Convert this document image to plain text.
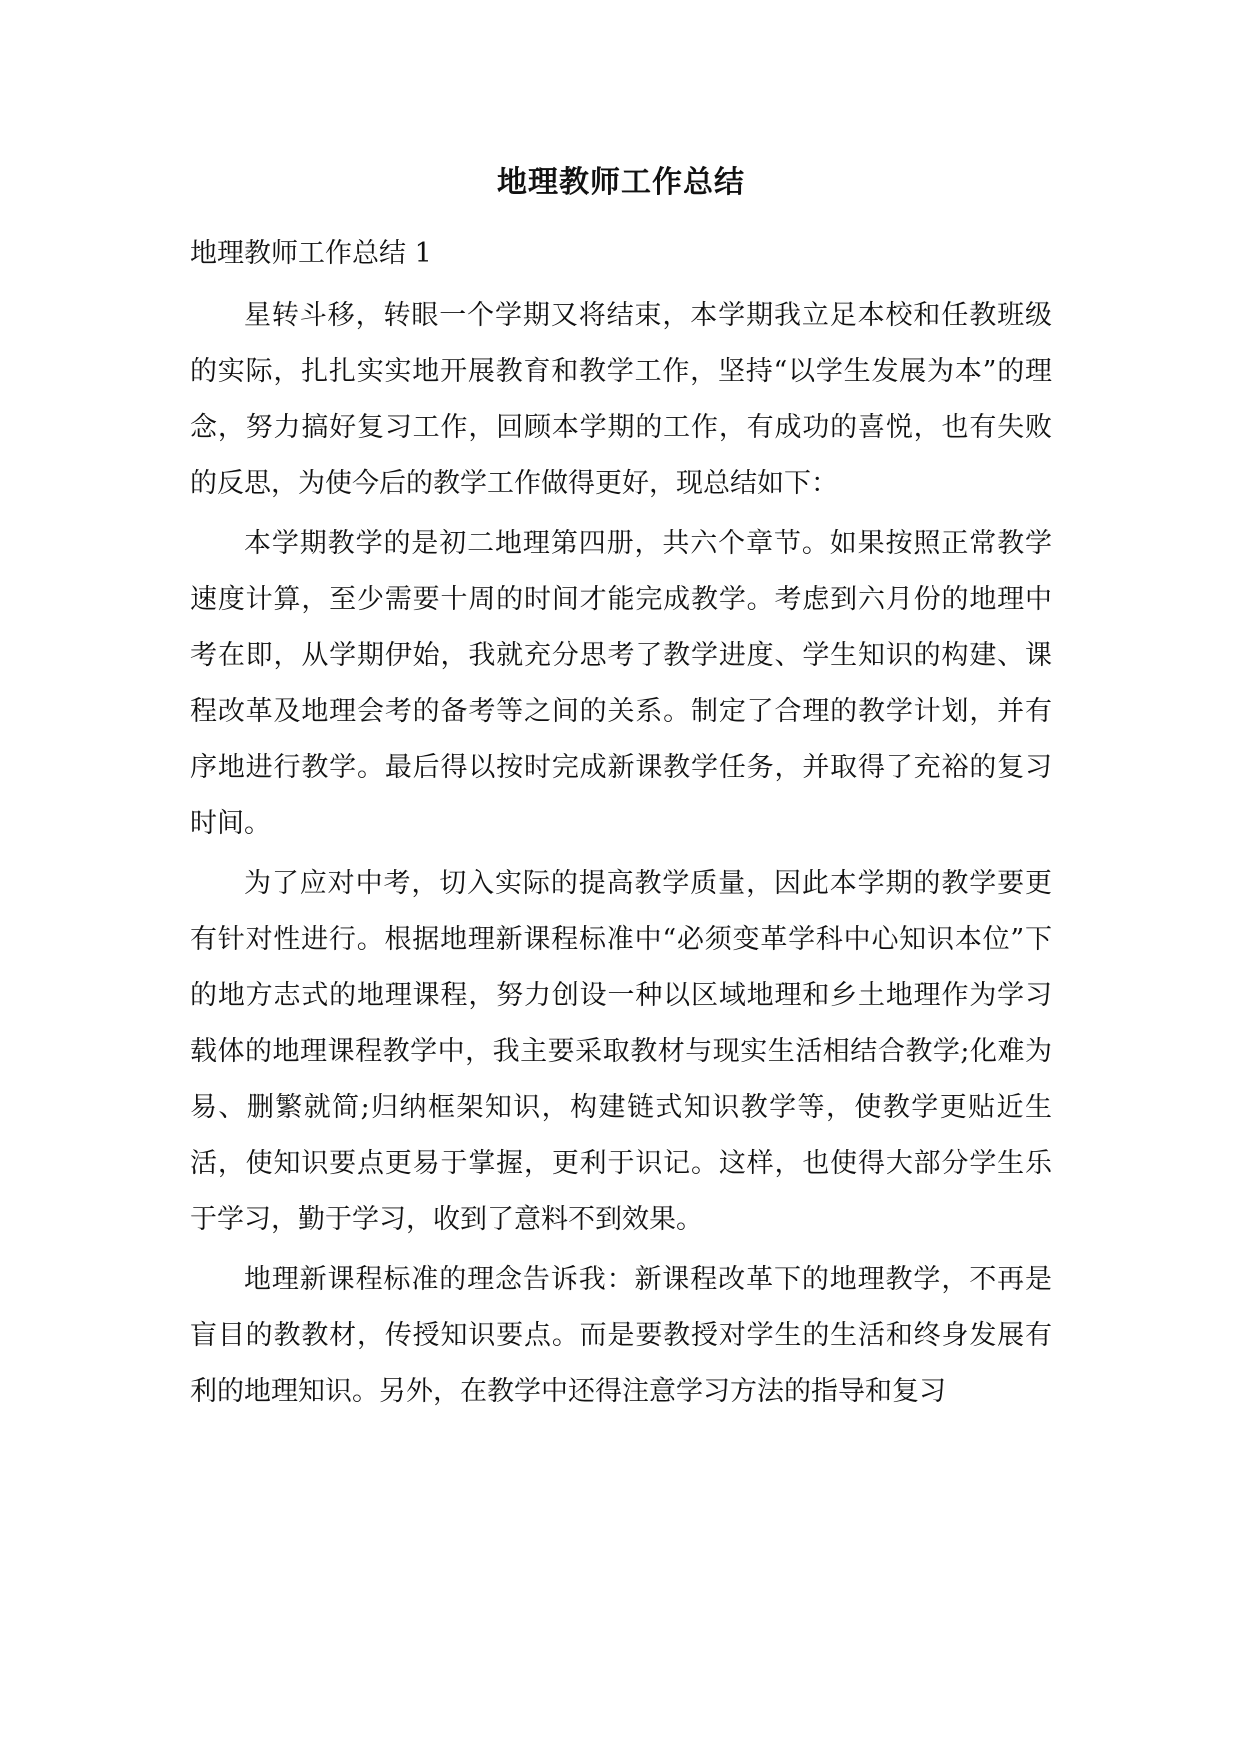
地理教师工作总结
地理教师工作总结 1

星转斗移，转眼一个学期又将结束，本学期我立足本校和任教班级的实际，扎扎实实地开展教育和教学工作，坚持“以学生发展为本”的理念，努力搞好复习工作，回顾本学期的工作，有成功的喜悦，也有失败的反思，为使今后的教学工作做得更好，现总结如下：

本学期教学的是初二地理第四册，共六个章节。如果按照正常教学速度计算，至少需要十周的时间才能完成教学。考虑到六月份的地理中考在即，从学期伊始，我就充分思考了教学进度、学生知识的构建、课程改革及地理会考的备考等之间的关系。制定了合理的教学计划，并有序地进行教学。最后得以按时完成新课教学任务，并取得了充裕的复习时间。

为了应对中考，切入实际的提高教学质量，因此本学期的教学要更有针对性进行。根据地理新课程标准中“必须变革学科中心知识本位”下的地方志式的地理课程，努力创设一种以区域地理和乡土地理作为学习载体的地理课程教学中，我主要采取教材与现实生活相结合教学;化难为易、删繁就简;归纳框架知识，构建链式知识教学等，使教学更贴近生活，使知识要点更易于掌握，更利于识记。这样，也使得大部分学生乐于学习，勤于学习，收到了意料不到效果。

地理新课程标准的理念告诉我：新课程改革下的地理教学，不再是盲目的教教材，传授知识要点。而是要教授对学生的生活和终身发展有利的地理知识。另外，在教学中还得注意学习方法的指导和复习
